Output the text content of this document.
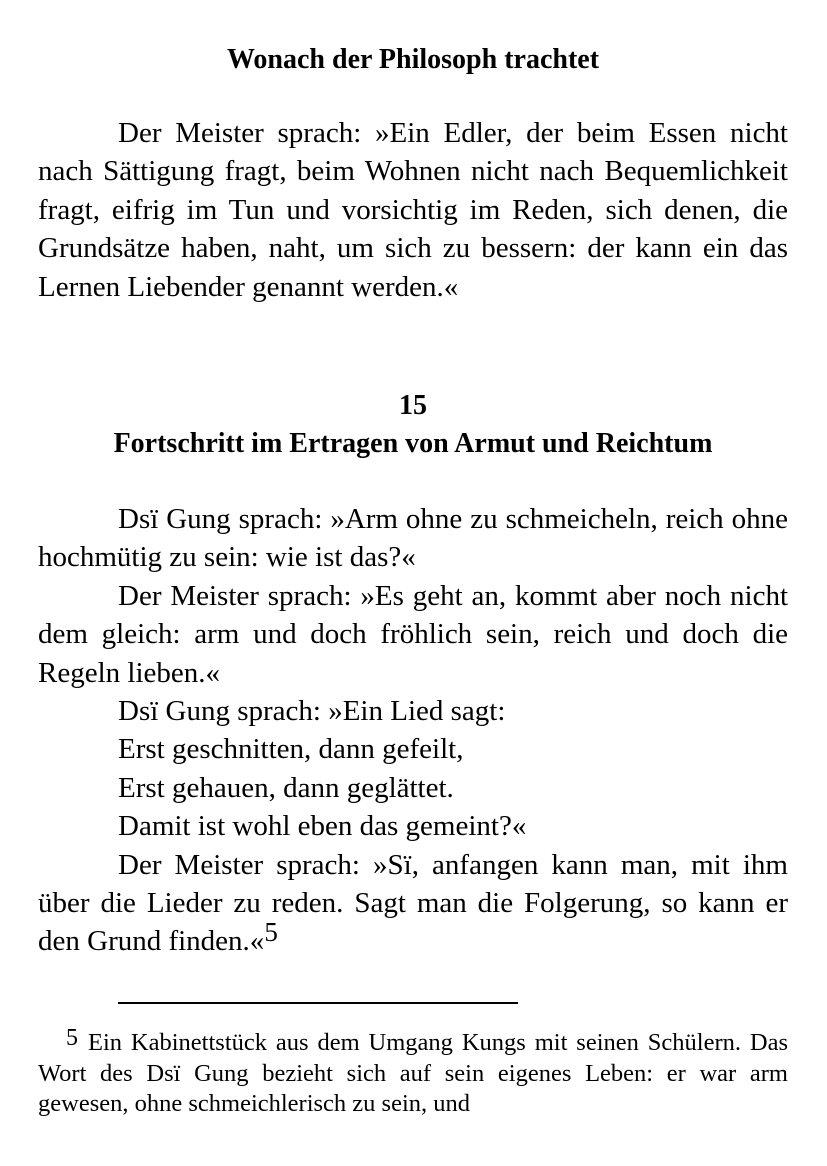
Wonach der Philosoph trachtet

Der Meister sprach: »Ein Edler, der beim Essen nicht nach Sättigung fragt, beim Wohnen nicht nach Bequemlichkeit fragt, eifrig im Tun und vorsichtig im Reden, sich denen, die Grundsätze haben, naht, um sich zu bessern: der kann ein das Lernen Liebender genannt werden.«

15
Fortschritt im Ertragen von Armut und Reichtum

Dsï Gung sprach: »Arm ohne zu schmeicheln, reich ohne hochmütig zu sein: wie ist das?«

Der Meister sprach: »Es geht an, kommt aber noch nicht dem gleich: arm und doch fröhlich sein, reich und doch die Regeln lieben.«

Dsï Gung sprach: »Ein Lied sagt:

Erst geschnitten, dann gefeilt,

Erst gehauen, dann geglättet.

Damit ist wohl eben das gemeint?«

Der Meister sprach: »Sï, anfangen kann man, mit ihm über die Lieder zu reden. Sagt man die Folgerung, so kann er den Grund finden.«$^5$

5 Ein Kabinettstück aus dem Umgang Kungs mit seinen Schülern. Das Wort des Dsï Gung bezieht sich auf sein eigenes Leben: er war arm gewesen, ohne schmeichlerisch zu sein, und
